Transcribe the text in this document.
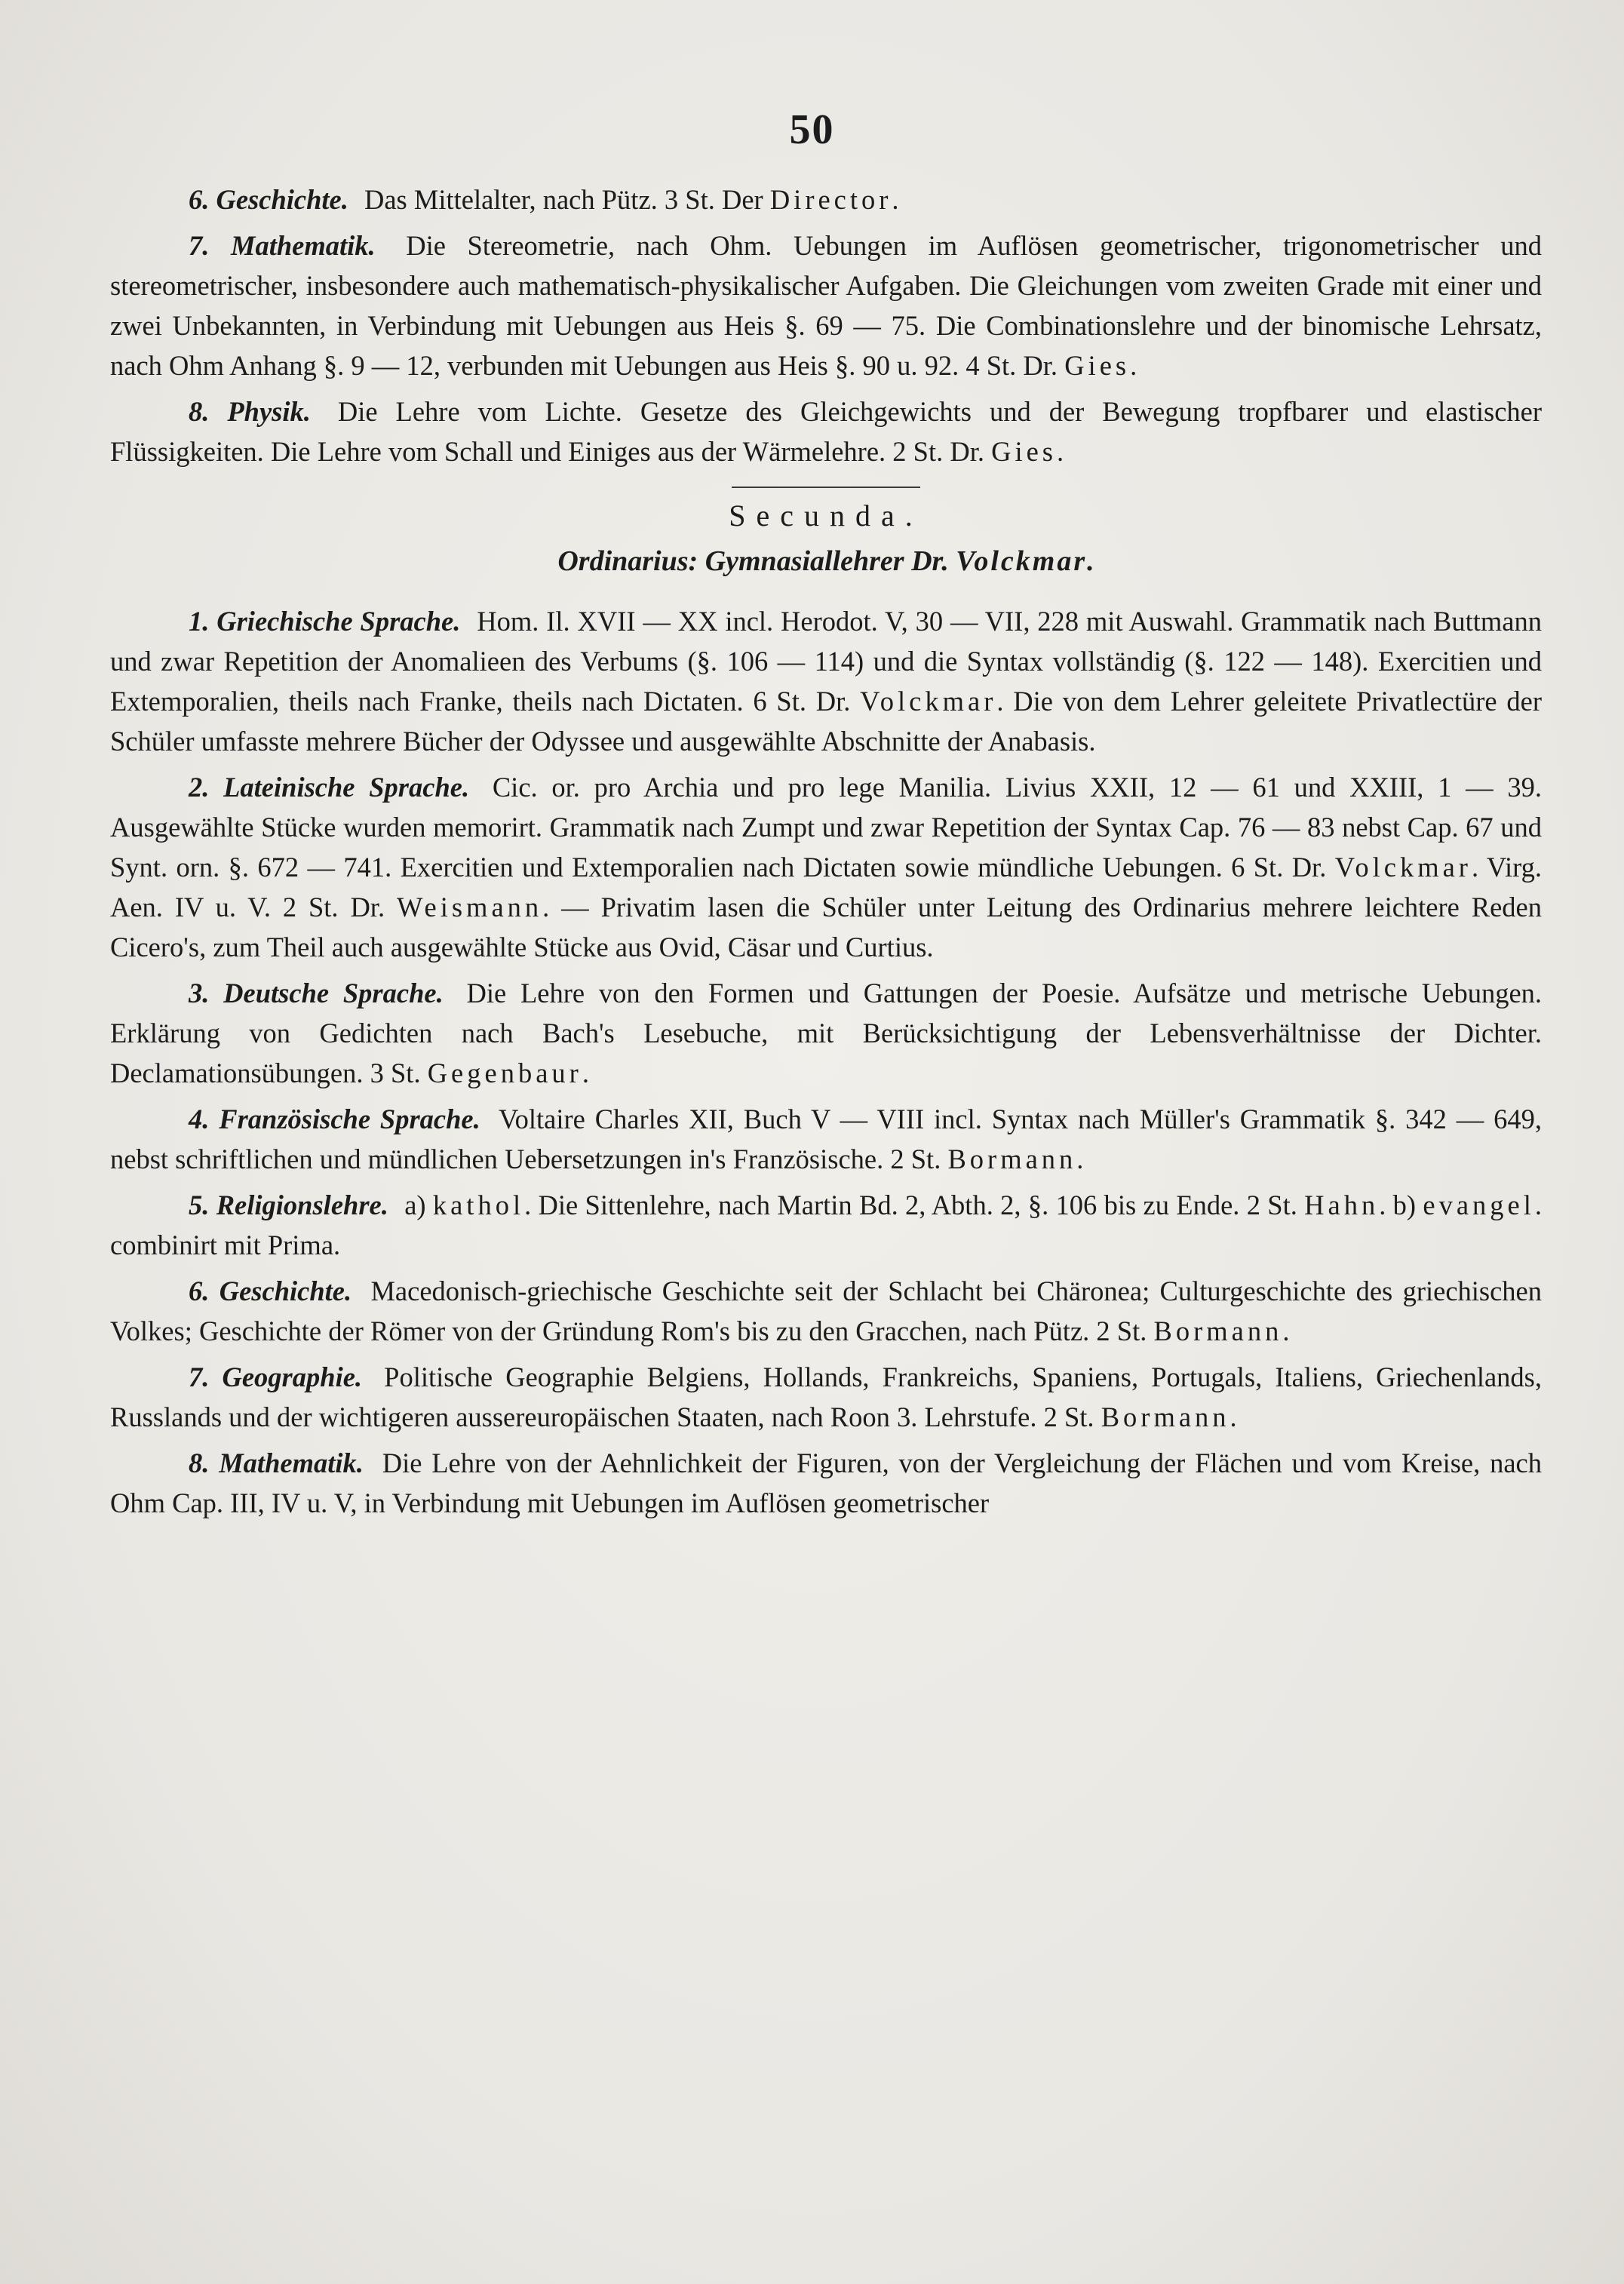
50

6. Geschichte. Das Mittelalter, nach Pütz. 3 St. Der Director.

7. Mathematik. Die Stereometrie, nach Ohm. Uebungen im Auflösen geometrischer, trigonometrischer und stereometrischer, insbesondere auch mathematisch-physikalischer Aufgaben. Die Gleichungen vom zweiten Grade mit einer und zwei Unbekannten, in Verbindung mit Uebungen aus Heis §. 69 — 75. Die Combinationslehre und der binomische Lehrsatz, nach Ohm Anhang §. 9 — 12, verbunden mit Uebungen aus Heis §. 90 u. 92. 4 St. Dr. Gies.

8. Physik. Die Lehre vom Lichte. Gesetze des Gleichgewichts und der Bewegung tropfbarer und elastischer Flüssigkeiten. Die Lehre vom Schall und Einiges aus der Wärmelehre. 2 St. Dr. Gies.

Secunda.
Ordinarius: Gymnasiallehrer Dr. Volckmar.

1. Griechische Sprache. Hom. Il. XVII — XX incl. Herodot. V, 30 — VII, 228 mit Auswahl. Grammatik nach Buttmann und zwar Repetition der Anomalieen des Verbums (§. 106 — 114) und die Syntax vollständig (§. 122 — 148). Exercitien und Extemporalien, theils nach Franke, theils nach Dictaten. 6 St. Dr. Volckmar. Die von dem Lehrer geleitete Privatlectüre der Schüler umfasste mehrere Bücher der Odyssee und ausgewählte Abschnitte der Anabasis.

2. Lateinische Sprache. Cic. or. pro Archia und pro lege Manilia. Livius XXII, 12 — 61 und XXIII, 1 — 39. Ausgewählte Stücke wurden memorirt. Grammatik nach Zumpt und zwar Repetition der Syntax Cap. 76 — 83 nebst Cap. 67 und Synt. orn. §. 672 — 741. Exercitien und Extemporalien nach Dictaten sowie mündliche Uebungen. 6 St. Dr. Volckmar. Virg. Aen. IV u. V. 2 St. Dr. Weismann. — Privatim lasen die Schüler unter Leitung des Ordinarius mehrere leichtere Reden Cicero's, zum Theil auch ausgewählte Stücke aus Ovid, Cäsar und Curtius.

3. Deutsche Sprache. Die Lehre von den Formen und Gattungen der Poesie. Aufsätze und metrische Uebungen. Erklärung von Gedichten nach Bach's Lesebuche, mit Berücksichtigung der Lebensverhältnisse der Dichter. Declamationsübungen. 3 St. Gegenbaur.

4. Französische Sprache. Voltaire Charles XII, Buch V — VIII incl. Syntax nach Müller's Grammatik §. 342 — 649, nebst schriftlichen und mündlichen Uebersetzungen in's Französische. 2 St. Bormann.

5. Religionslehre. a) kathol. Die Sittenlehre, nach Martin Bd. 2, Abth. 2, §. 106 bis zu Ende. 2 St. Hahn. b) evangel. combinirt mit Prima.

6. Geschichte. Macedonisch-griechische Geschichte seit der Schlacht bei Chäronea; Culturgeschichte des griechischen Volkes; Geschichte der Römer von der Gründung Rom's bis zu den Gracchen, nach Pütz. 2 St. Bormann.

7. Geographie. Politische Geographie Belgiens, Hollands, Frankreichs, Spaniens, Portugals, Italiens, Griechenlands, Russlands und der wichtigeren aussereuropäischen Staaten, nach Roon 3. Lehrstufe. 2 St. Bormann.

8. Mathematik. Die Lehre von der Aehnlichkeit der Figuren, von der Vergleichung der Flächen und vom Kreise, nach Ohm Cap. III, IV u. V, in Verbindung mit Uebungen im Auflösen geometrischer
